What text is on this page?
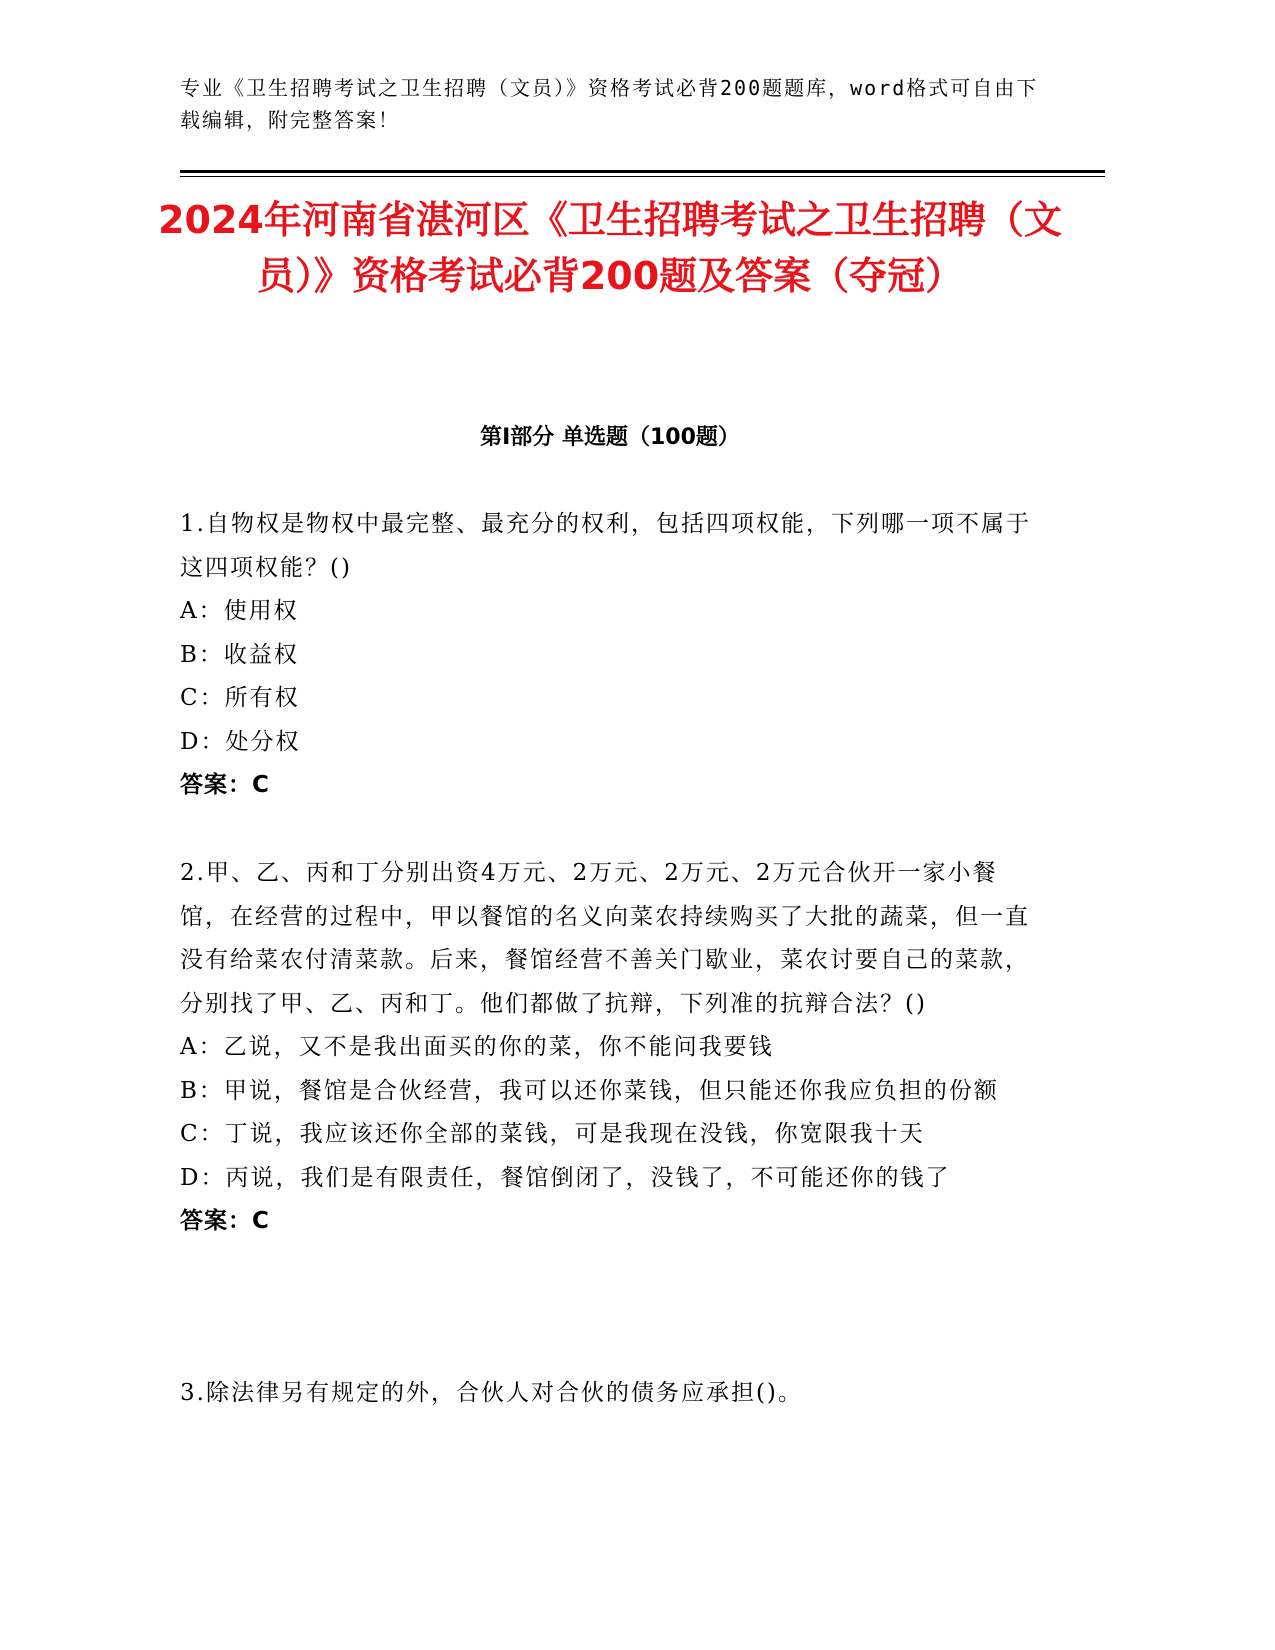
专业《卫生招聘考试之卫生招聘（文员）》资格考试必背200题题库，word格式可自由下载编辑，附完整答案！
2024年河南省湛河区《卫生招聘考试之卫生招聘（文员）》资格考试必背200题及答案（夺冠）
第Ⅰ部分 单选题（100题）

1.自物权是物权中最完整、最充分的权利，包括四项权能，下列哪一项不属于这四项权能？()

A：使用权

B：收益权

C：所有权

D：处分权

答案：C

2.甲、乙、丙和丁分别出资4万元、2万元、2万元、2万元合伙开一家小餐馆，在经营的过程中，甲以餐馆的名义向菜农持续购买了大批的蔬菜，但一直没有给菜农付清菜款。后来，餐馆经营不善关门歇业，菜农讨要自己的菜款，分别找了甲、乙、丙和丁。他们都做了抗辩，下列准的抗辩合法？()

A：乙说，又不是我出面买的你的菜，你不能问我要钱

B：甲说，餐馆是合伙经营，我可以还你菜钱，但只能还你我应负担的份额

C：丁说，我应该还你全部的菜钱，可是我现在没钱，你宽限我十天

D：丙说，我们是有限责任，餐馆倒闭了，没钱了，不可能还你的钱了

答案：C

3.除法律另有规定的外，合伙人对合伙的债务应承担()。
